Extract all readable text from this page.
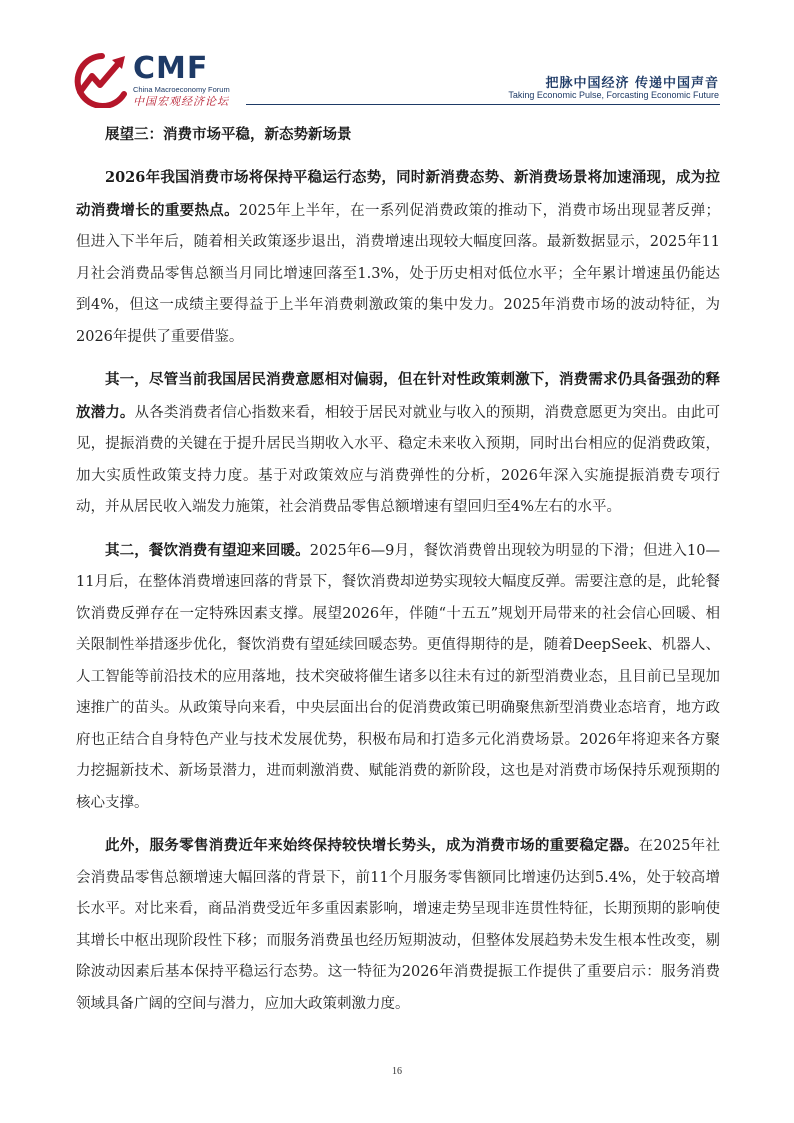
CMF
China Macroeconomy Forum
中国宏观经济论坛
把脉中国经济 传递中国声音
Taking Economic Pulse, Forcasting Economic Future

展望三：消费市场平稳，新态势新场景

2026年我国消费市场将保持平稳运行态势，同时新消费态势、新消费场景将加速涌现，成为拉动消费增长的重要热点。2025年上半年，在一系列促消费政策的推动下，消费市场出现显著反弹；但进入下半年后，随着相关政策逐步退出，消费增速出现较大幅度回落。最新数据显示，2025年11月社会消费品零售总额当月同比增速回落至1.3%，处于历史相对低位水平；全年累计增速虽仍能达到4%，但这一成绩主要得益于上半年消费刺激政策的集中发力。2025年消费市场的波动特征，为2026年提供了重要借鉴。

其一，尽管当前我国居民消费意愿相对偏弱，但在针对性政策刺激下，消费需求仍具备强劲的释放潜力。从各类消费者信心指数来看，相较于居民对就业与收入的预期，消费意愿更为突出。由此可见，提振消费的关键在于提升居民当期收入水平、稳定未来收入预期，同时出台相应的促消费政策，加大实质性政策支持力度。基于对政策效应与消费弹性的分析，2026年深入实施提振消费专项行动，并从居民收入端发力施策，社会消费品零售总额增速有望回归至4%左右的水平。

其二，餐饮消费有望迎来回暖。2025年6—9月，餐饮消费曾出现较为明显的下滑；但进入10—11月后，在整体消费增速回落的背景下，餐饮消费却逆势实现较大幅度反弹。需要注意的是，此轮餐饮消费反弹存在一定特殊因素支撑。展望2026年，伴随“十五五”规划开局带来的社会信心回暖、相关限制性举措逐步优化，餐饮消费有望延续回暖态势。更值得期待的是，随着DeepSeek、机器人、人工智能等前沿技术的应用落地，技术突破将催生诸多以往未有过的新型消费业态，且目前已呈现加速推广的苗头。从政策导向来看，中央层面出台的促消费政策已明确聚焦新型消费业态培育，地方政府也正结合自身特色产业与技术发展优势，积极布局和打造多元化消费场景。2026年将迎来各方聚力挖掘新技术、新场景潜力，进而刺激消费、赋能消费的新阶段，这也是对消费市场保持乐观预期的核心支撑。

此外，服务零售消费近年来始终保持较快增长势头，成为消费市场的重要稳定器。在2025年社会消费品零售总额增速大幅回落的背景下，前11个月服务零售额同比增速仍达到5.4%，处于较高增长水平。对比来看，商品消费受近年多重因素影响，增速走势呈现非连贯性特征，长期预期的影响使其增长中枢出现阶段性下移；而服务消费虽也经历短期波动，但整体发展趋势未发生根本性改变，剔除波动因素后基本保持平稳运行态势。这一特征为2026年消费提振工作提供了重要启示：服务消费领域具备广阔的空间与潜力，应加大政策刺激力度。

16
